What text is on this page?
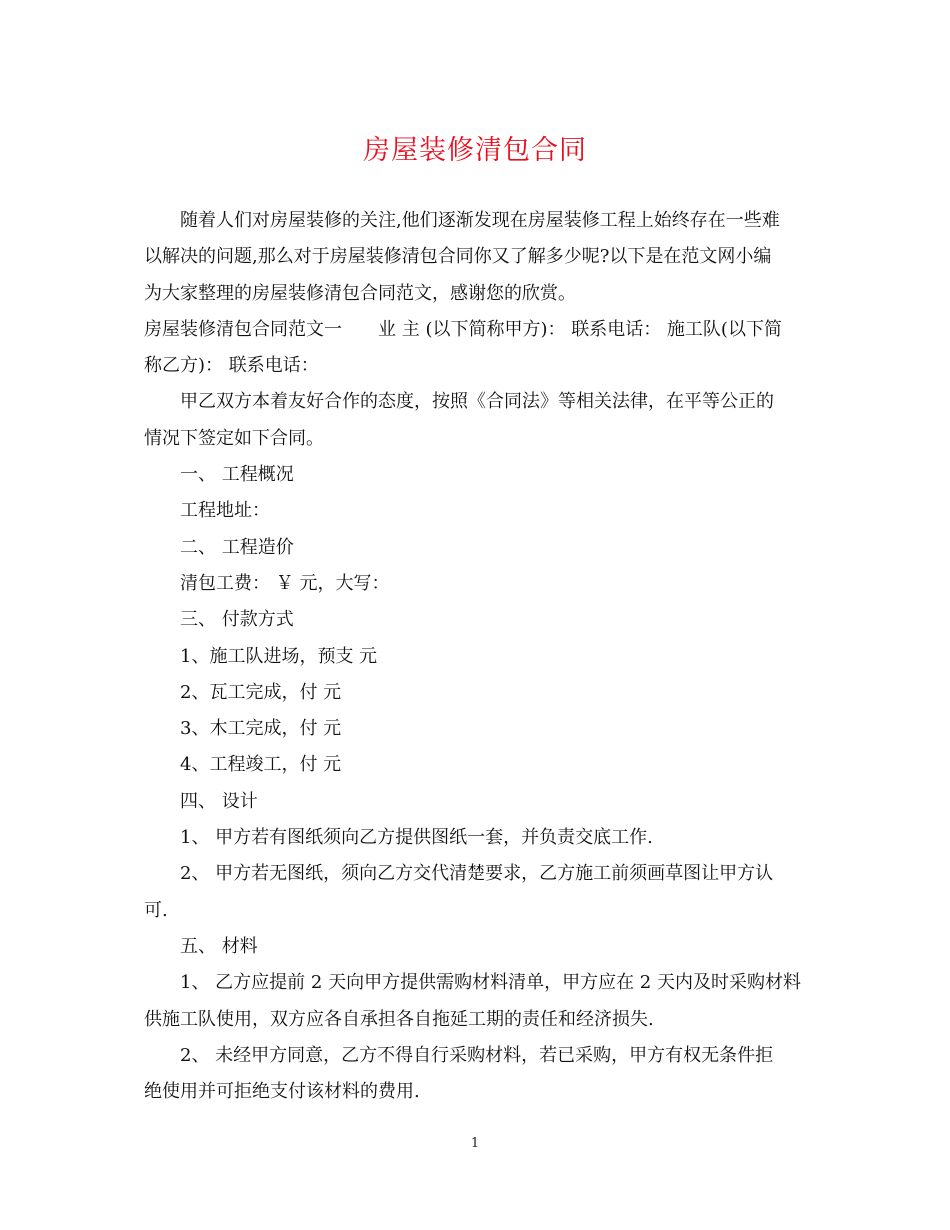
房屋装修清包合同

随着人们对房屋装修的关注,他们逐渐发现在房屋装修工程上始终存在一些难

以解决的问题,那么对于房屋装修清包合同你又了解多少呢?以下是在范文网小编

为大家整理的房屋装修清包合同范文，感谢您的欣赏。

房屋装修清包合同范文一　　业 主 (以下简称甲方)： 联系电话： 施工队(以下简

称乙方)： 联系电话：

甲乙双方本着友好合作的态度，按照《合同法》等相关法律，在平等公正的

情况下签定如下合同。

一、 工程概况

工程地址：

二、 工程造价

清包工费： ￥ 元，大写：

三、 付款方式

1、施工队进场，预支 元

2、瓦工完成，付 元

3、木工完成，付 元

4、工程竣工，付 元

四、 设计

1、 甲方若有图纸须向乙方提供图纸一套，并负责交底工作.

2、 甲方若无图纸，须向乙方交代清楚要求，乙方施工前须画草图让甲方认

可.

五、 材料

1、 乙方应提前 2 天向甲方提供需购材料清单，甲方应在 2 天内及时采购材料

供施工队使用，双方应各自承担各自拖延工期的责任和经济损失.

2、 未经甲方同意，乙方不得自行采购材料，若已采购，甲方有权无条件拒

绝使用并可拒绝支付该材料的费用.

1
